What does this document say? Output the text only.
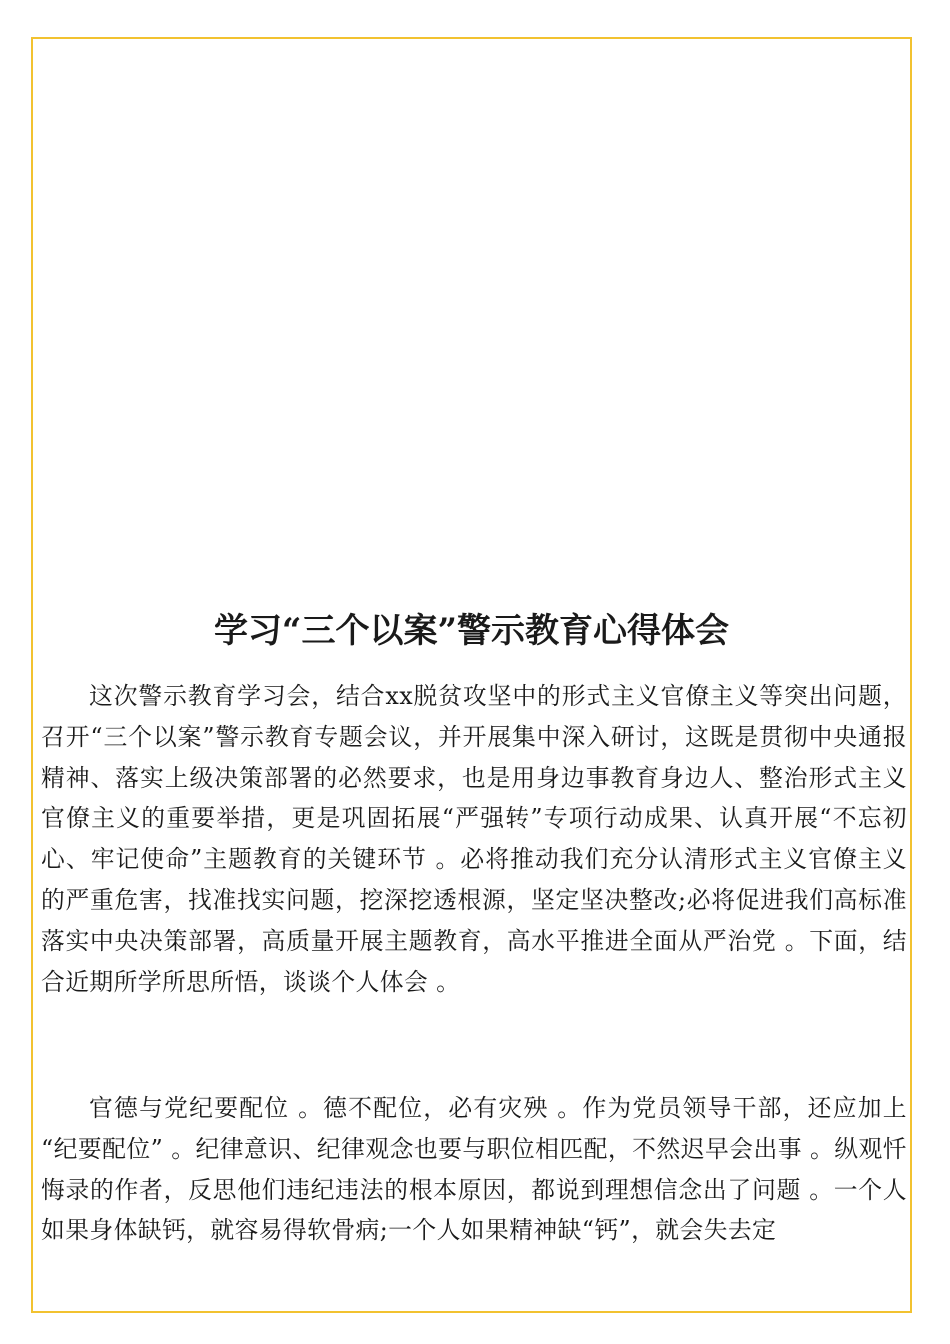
学习“三个以案”警示教育心得体会

这次警示教育学习会，结合xx脱贫攻坚中的形式主义官僚主义等突出问题，召开“三个以案”警示教育专题会议，并开展集中深入研讨，这既是贯彻中央通报精神、落实上级决策部署的必然要求，也是用身边事教育身边人、整治形式主义官僚主义的重要举措，更是巩固拓展“严强转”专项行动成果、认真开展“不忘初心、牢记使命”主题教育的关键环节 。必将推动我们充分认清形式主义官僚主义的严重危害，找准找实问题，挖深挖透根源，坚定坚决整改;必将促进我们高标准落实中央决策部署，高质量开展主题教育，高水平推进全面从严治党 。下面，结合近期所学所思所悟，谈谈个人体会 。

官德与党纪要配位 。德不配位，必有灾殃 。作为党员领导干部，还应加上 “纪要配位” 。纪律意识、纪律观念也要与职位相匹配，不然迟早会出事 。纵观忏悔录的作者，反思他们违纪违法的根本原因，都说到理想信念出了问题 。一个人如果身体缺钙，就容易得软骨病;一个人如果精神缺“钙”，就会失去定
